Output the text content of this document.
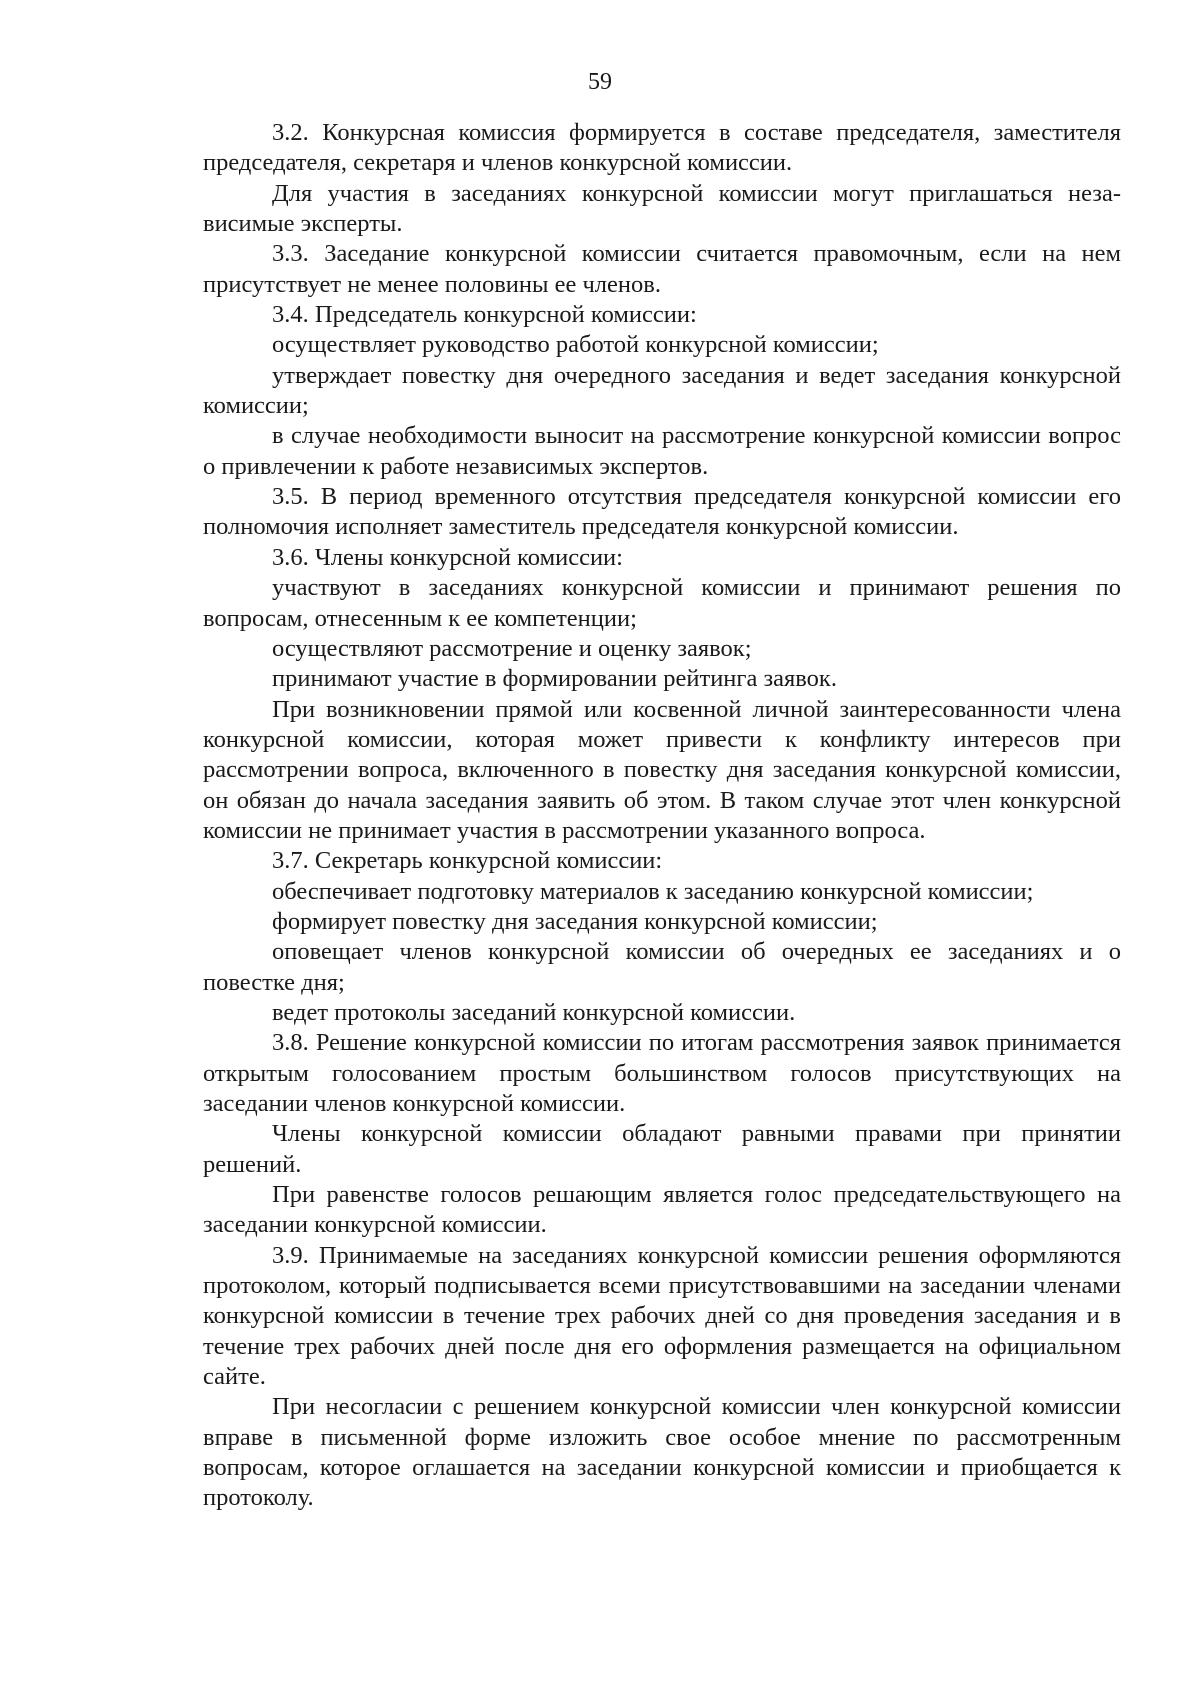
59

3.2. Конкурсная комиссия формируется в составе председателя, заместителя председателя, секретаря и членов конкурсной комиссии.

Для участия в заседаниях конкурсной комиссии могут приглашаться независимые эксперты.

3.3. Заседание конкурсной комиссии считается правомочным, если на нем присутствует не менее половины ее членов.

3.4. Председатель конкурсной комиссии:

осуществляет руководство работой конкурсной комиссии;

утверждает повестку дня очередного заседания и ведет заседания конкурсной комиссии;

в случае необходимости выносит на рассмотрение конкурсной комиссии вопрос о привлечении к работе независимых экспертов.

3.5. В период временного отсутствия председателя конкурсной комиссии его полномочия исполняет заместитель председателя конкурсной комиссии.

3.6. Члены конкурсной комиссии:

участвуют в заседаниях конкурсной комиссии и принимают решения по вопросам, отнесенным к ее компетенции;

осуществляют рассмотрение и оценку заявок;

принимают участие в формировании рейтинга заявок.

При возникновении прямой или косвенной личной заинтересованности члена конкурсной комиссии, которая может привести к конфликту интересов при рассмотрении вопроса, включенного в повестку дня заседания конкурсной комиссии, он обязан до начала заседания заявить об этом. В таком случае этот член конкурсной комиссии не принимает участия в рассмотрении указанного вопроса.

3.7. Секретарь конкурсной комиссии:

обеспечивает подготовку материалов к заседанию конкурсной комиссии;

формирует повестку дня заседания конкурсной комиссии;

оповещает членов конкурсной комиссии об очередных ее заседаниях и о повестке дня;

ведет протоколы заседаний конкурсной комиссии.

3.8. Решение конкурсной комиссии по итогам рассмотрения заявок принимается открытым голосованием простым большинством голосов присутствующих на заседании членов конкурсной комиссии.

Члены конкурсной комиссии обладают равными правами при принятии решений.

При равенстве голосов решающим является голос председательствующего на заседании конкурсной комиссии.

3.9. Принимаемые на заседаниях конкурсной комиссии решения оформляются протоколом, который подписывается всеми присутствовавшими на заседании членами конкурсной комиссии в течение трех рабочих дней со дня проведения заседания и в течение трех рабочих дней после дня его оформления размещается на официальном сайте.

При несогласии с решением конкурсной комиссии член конкурсной комиссии вправе в письменной форме изложить свое особое мнение по рассмотренным вопросам, которое оглашается на заседании конкурсной комиссии и приобщается к протоколу.
